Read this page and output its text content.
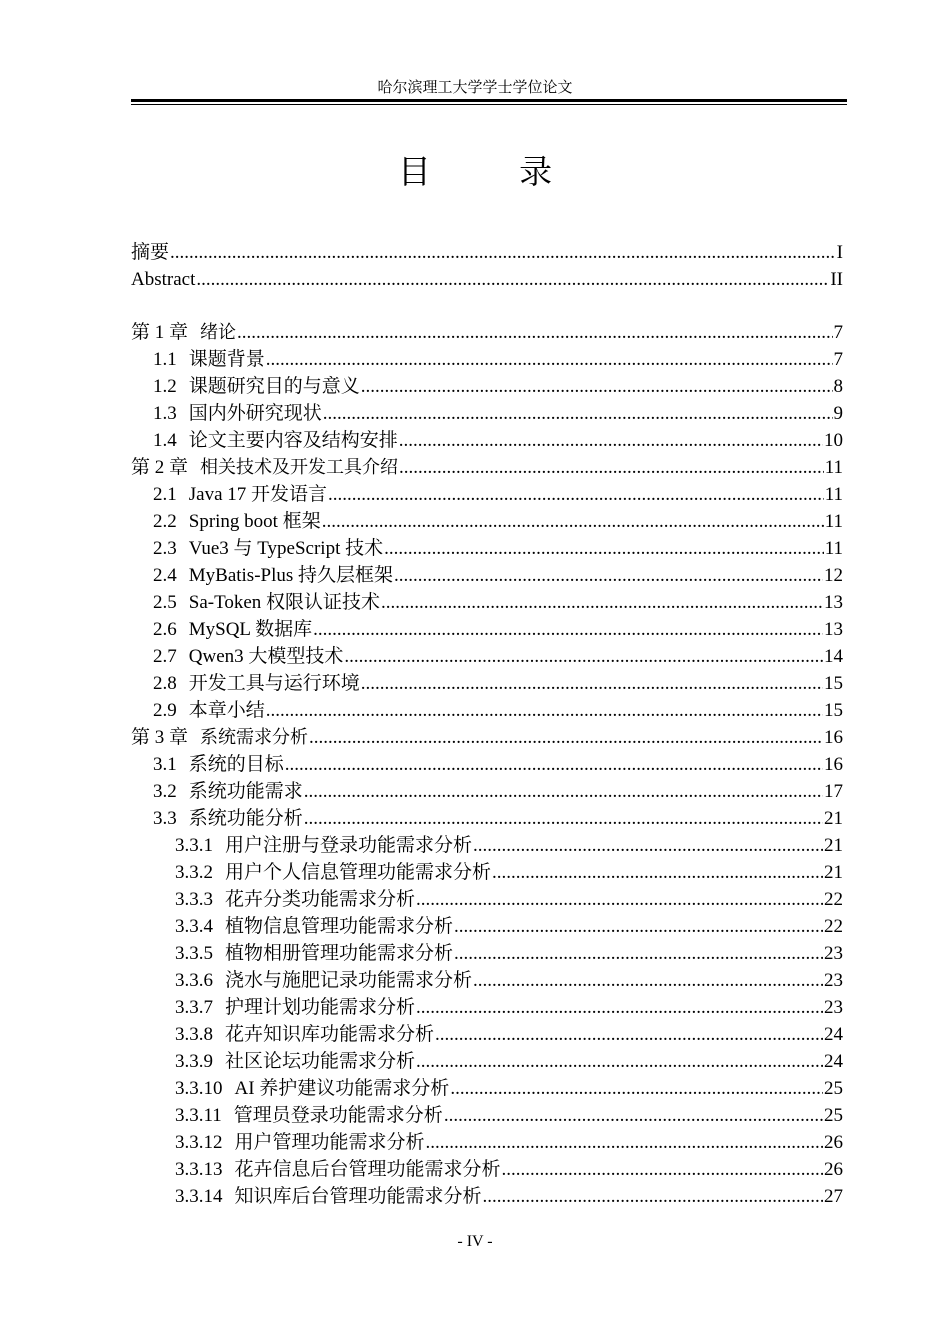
哈尔滨理工大学学士学位论文
目 录
摘要 .....	I
Abstract .....	II
第 1 章 绪论 .....	7
1.1 课题背景 .....	7
1.2 课题研究目的与意义 .....	8
1.3 国内外研究现状 .....	9
1.4 论文主要内容及结构安排 .....	10
第 2 章 相关技术及开发工具介绍 .....	11
2.1 Java 17 开发语言 .....	11
2.2 Spring boot 框架 .....	11
2.3 Vue3 与 TypeScript 技术 .....	11
2.4 MyBatis-Plus 持久层框架 .....	12
2.5 Sa-Token 权限认证技术 .....	13
2.6 MySQL 数据库 .....	13
2.7 Qwen3 大模型技术 .....	14
2.8 开发工具与运行环境 .....	15
2.9 本章小结 .....	15
第 3 章 系统需求分析 .....	16
3.1 系统的目标 .....	16
3.2 系统功能需求 .....	17
3.3 系统功能分析 .....	21
3.3.1 用户注册与登录功能需求分析 .....	21
3.3.2 用户个人信息管理功能需求分析 .....	21
3.3.3 花卉分类功能需求分析 .....	22
3.3.4 植物信息管理功能需求分析 .....	22
3.3.5 植物相册管理功能需求分析 .....	23
3.3.6 浇水与施肥记录功能需求分析 .....	23
3.3.7 护理计划功能需求分析 .....	23
3.3.8 花卉知识库功能需求分析 .....	24
3.3.9 社区论坛功能需求分析 .....	24
3.3.10 AI 养护建议功能需求分析 .....	25
3.3.11 管理员登录功能需求分析 .....	25
3.3.12 用户管理功能需求分析 .....	26
3.3.13 花卉信息后台管理功能需求分析 .....	26
3.3.14 知识库后台管理功能需求分析 .....	27
- IV -
